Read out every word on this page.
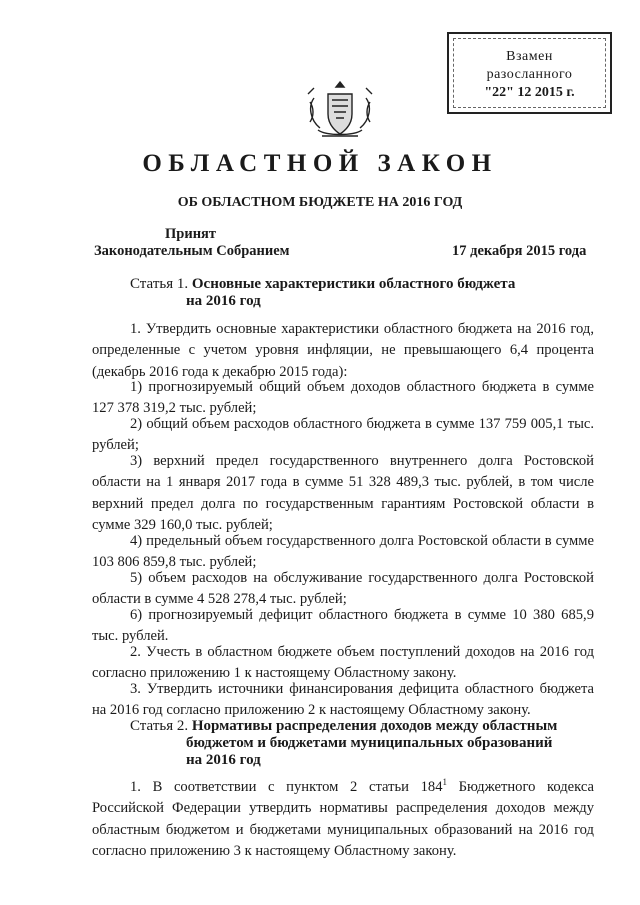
Взамен
разосланного
"22" 12 2015 г.
ОБЛАСТНОЙ ЗАКОН
ОБ ОБЛАСТНОМ БЮДЖЕТЕ НА 2016 ГОД
Принят
Законодательным Собранием	17 декабря 2015 года
Статья 1. Основные характеристики областного бюджета
на 2016 год

1. Утвердить основные характеристики областного бюджета на 2016 год, определенные с учетом уровня инфляции, не превышающего 6,4 процента (декабрь 2016 года к декабрю 2015 года):

1) прогнозируемый общий объем доходов областного бюджета в сумме 127 378 319,2 тыс. рублей;

2) общий объем расходов областного бюджета в сумме 137 759 005,1 тыс. рублей;

3) верхний предел государственного внутреннего долга Ростовской области на 1 января 2017 года в сумме 51 328 489,3 тыс. рублей, в том числе верхний предел долга по государственным гарантиям Ростовской области в сумме 329 160,0 тыс. рублей;

4) предельный объем государственного долга Ростовской области в сумме 103 806 859,8 тыс. рублей;

5) объем расходов на обслуживание государственного долга Ростовской области в сумме 4 528 278,4 тыс. рублей;

6) прогнозируемый дефицит областного бюджета в сумме 10 380 685,9 тыс. рублей.

2. Учесть в областном бюджете объем поступлений доходов на 2016 год согласно приложению 1 к настоящему Областному закону.

3. Утвердить источники финансирования дефицита областного бюджета на 2016 год согласно приложению 2 к настоящему Областному закону.

Статья 2. Нормативы распределения доходов между областным
бюджетом и бюджетами муниципальных образований
на 2016 год

1. В соответствии с пунктом 2 статьи $184^1$ Бюджетного кодекса Российской Федерации утвердить нормативы распределения доходов между областным бюджетом и бюджетами муниципальных образований на 2016 год согласно приложению 3 к настоящему Областному закону.
